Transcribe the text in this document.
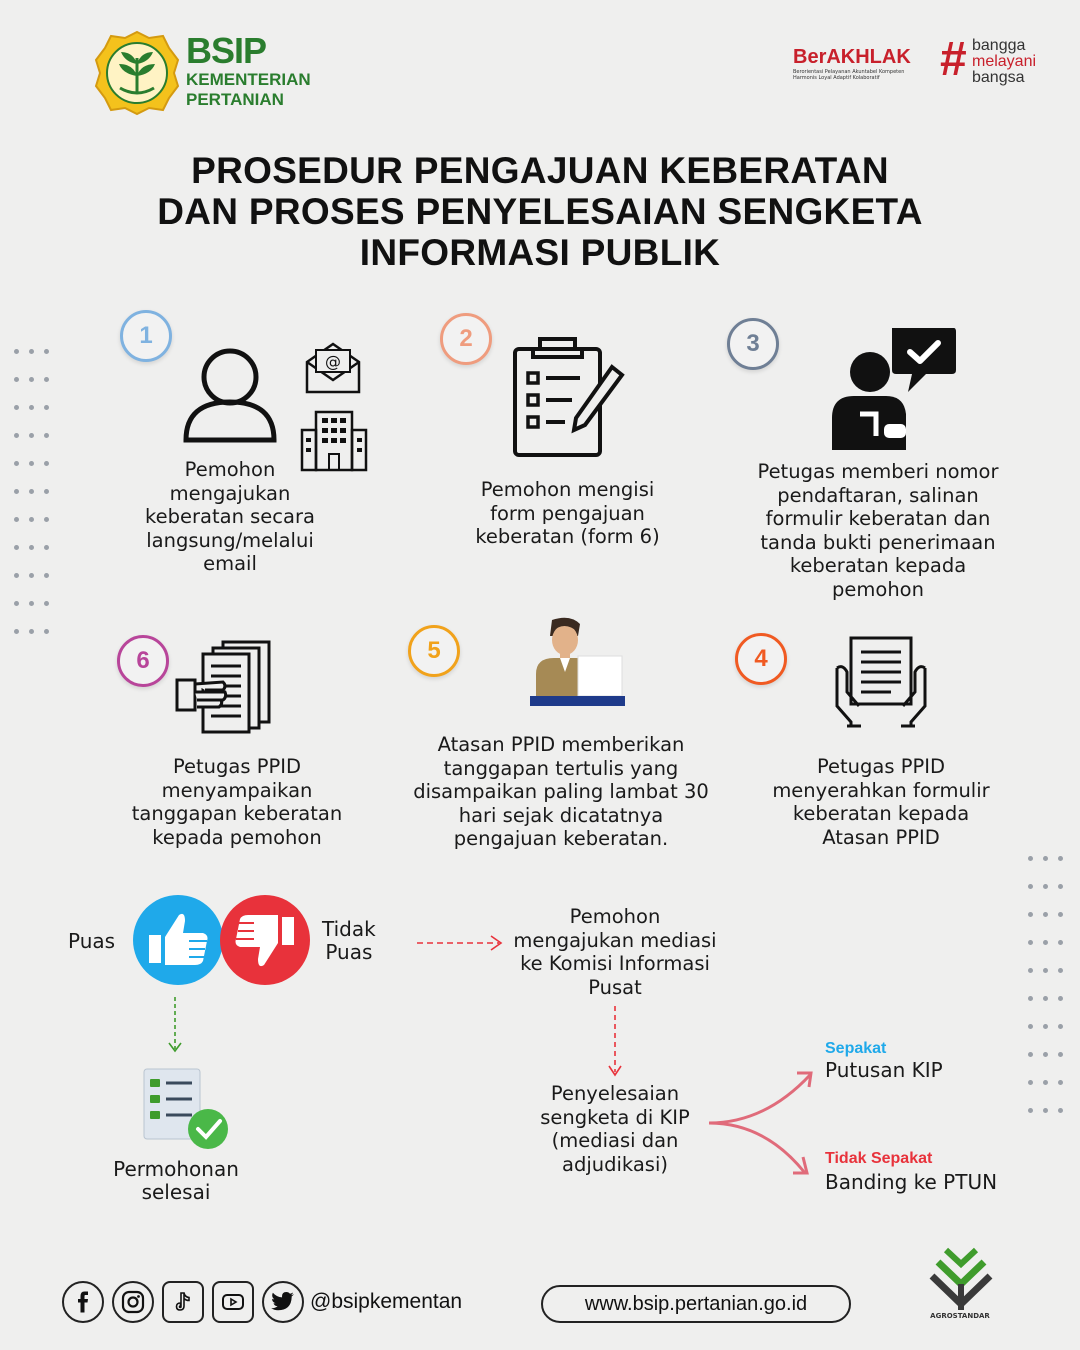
BSIP
KEMENTERIAN
PERTANIAN
BerAKHLAK
Berorientasi Pelayanan Akuntabel Kompeten Harmonis Loyal Adaptif Kolaboratif	# bangga
melayani
bangsa
PROSEDUR PENGAJUAN KEBERATAN
DAN PROSES PENYELESAIAN SENGKETA
INFORMASI PUBLIK
1
@
Pemohon mengajukan keberatan secara langsung/melalui email
2
Pemohon mengisi form pengajuan keberatan (form 6)
3
Petugas memberi nomor pendaftaran, salinan formulir keberatan dan tanda bukti penerimaan keberatan kepada pemohon
6
Petugas PPID menyampaikan tanggapan keberatan kepada pemohon
5
Atasan PPID memberikan tanggapan tertulis yang disampaikan paling lambat 30 hari sejak dicatatnya pengajuan keberatan.
4
Petugas PPID menyerahkan formulir keberatan kepada Atasan PPID
Puas	Tidak
Puas
Pemohon mengajukan mediasi ke Komisi Informasi Pusat
Permohonan
selesai
Penyelesaian sengketa di KIP (mediasi dan adjudikasi)
Sepakat
Putusan KIP
Tidak Sepakat
Banding ke PTUN
@bsipkementan	www.bsip.pertanian.go.id
AGROSTANDAR
